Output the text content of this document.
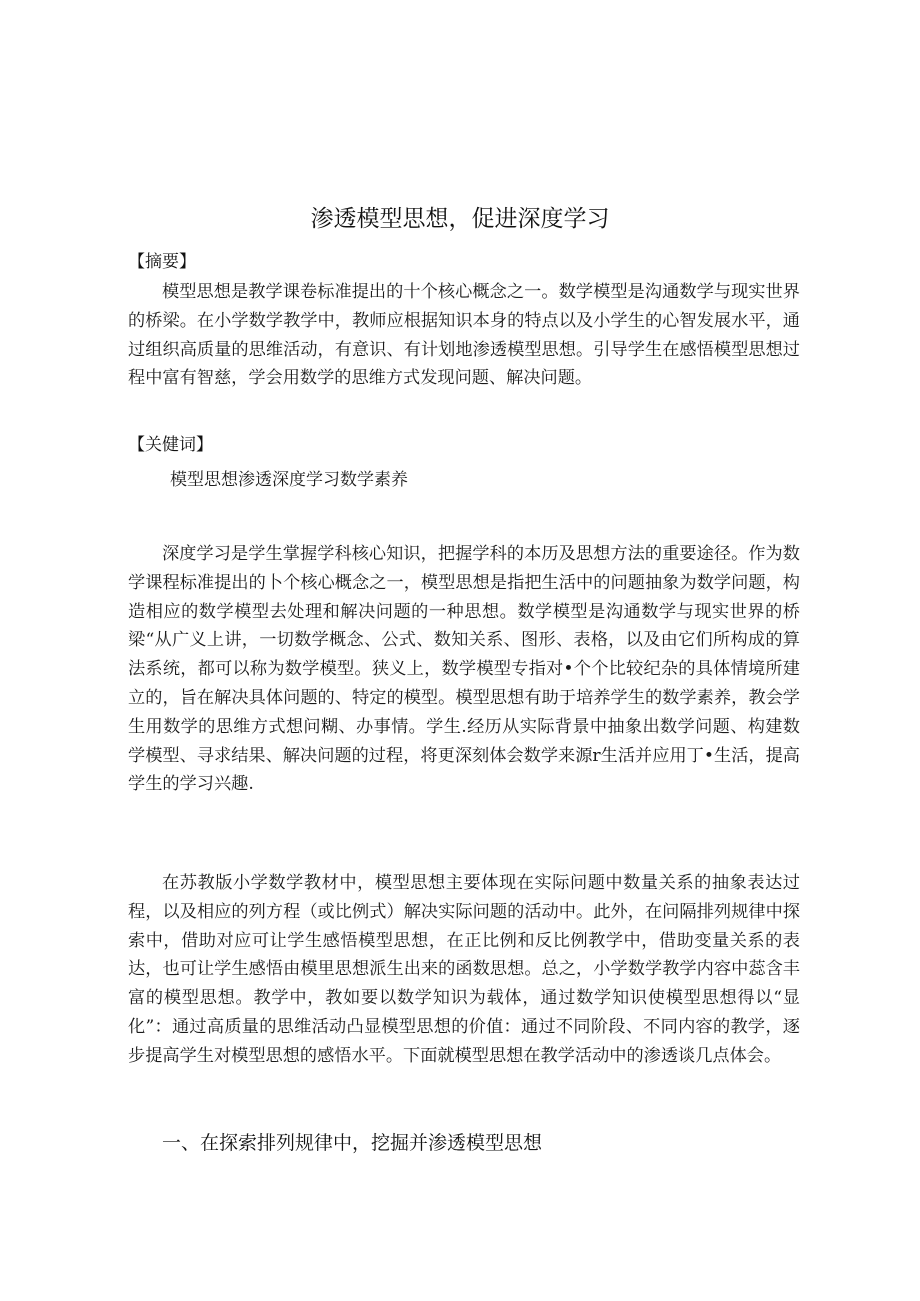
渗透模型思想，促进深度学习
【摘要】

模型思想是教学课卷标准提出的十个核心概念之一。数学模型是沟通数学与现实世界的桥梁。在小学数学教学中，教师应根据知识本身的特点以及小学生的心智发展水平，通过组织高质量的思维活动，有意识、有计划地渗透模型思想。引导学生在感悟模型思想过程中富有智慈，学会用数学的思维方式发现问题、解决问题。

【关健词】
模型思想渗透深度学习数学素养

深度学习是学生掌握学科核心知识，把握学科的本历及思想方法的重要途径。作为数学课程标准提出的卜个核心概念之一，模型思想是指把生活中的问题抽象为数学问题，构造相应的数学模型去处理和解决问题的一种思想。数学模型是沟通数学与现实世界的桥梁“从广义上讲，一切数学概念、公式、数知关系、图形、表格，以及由它们所构成的算法系统，都可以称为数学模型。狭义上，数学模型专指对•个个比较纪杂的具体情境所建立的，旨在解决具体问题的、特定的模型。模型思想有助于培养学生的数学素养，教会学生用数学的思维方式想问糊、办事情。学生.经历从实际背景中抽象出数学问题、构建数学模型、寻求结果、解决问题的过程，将更深刻体会数学来源r生活并应用丁•生活，提高学生的学习兴趣.

在苏教版小学数学教材中，模型思想主要体现在实际问题中数量关系的抽象表达过程，以及相应的列方程（或比例式）解决实际问题的活动中。此外，在问隔排列规律中探索中，借助对应可让学生感悟模型思想，在正比例和反比例教学中，借助变量关系的表达，也可让学生感悟由模里思想派生出来的函数思想。总之，小学数学教学内容中蕊含丰富的模型思想。教学中，教如要以数学知识为载体，通过数学知识使模型思想得以“显化”：通过高质量的思维活动凸显模型思想的价值：通过不同阶段、不同内容的教学，逐步提高学生对模型思想的感悟水平。下面就模型思想在教学活动中的渗透谈几点体会。

一、在探索排列规律中，挖掘并渗透模型思想
